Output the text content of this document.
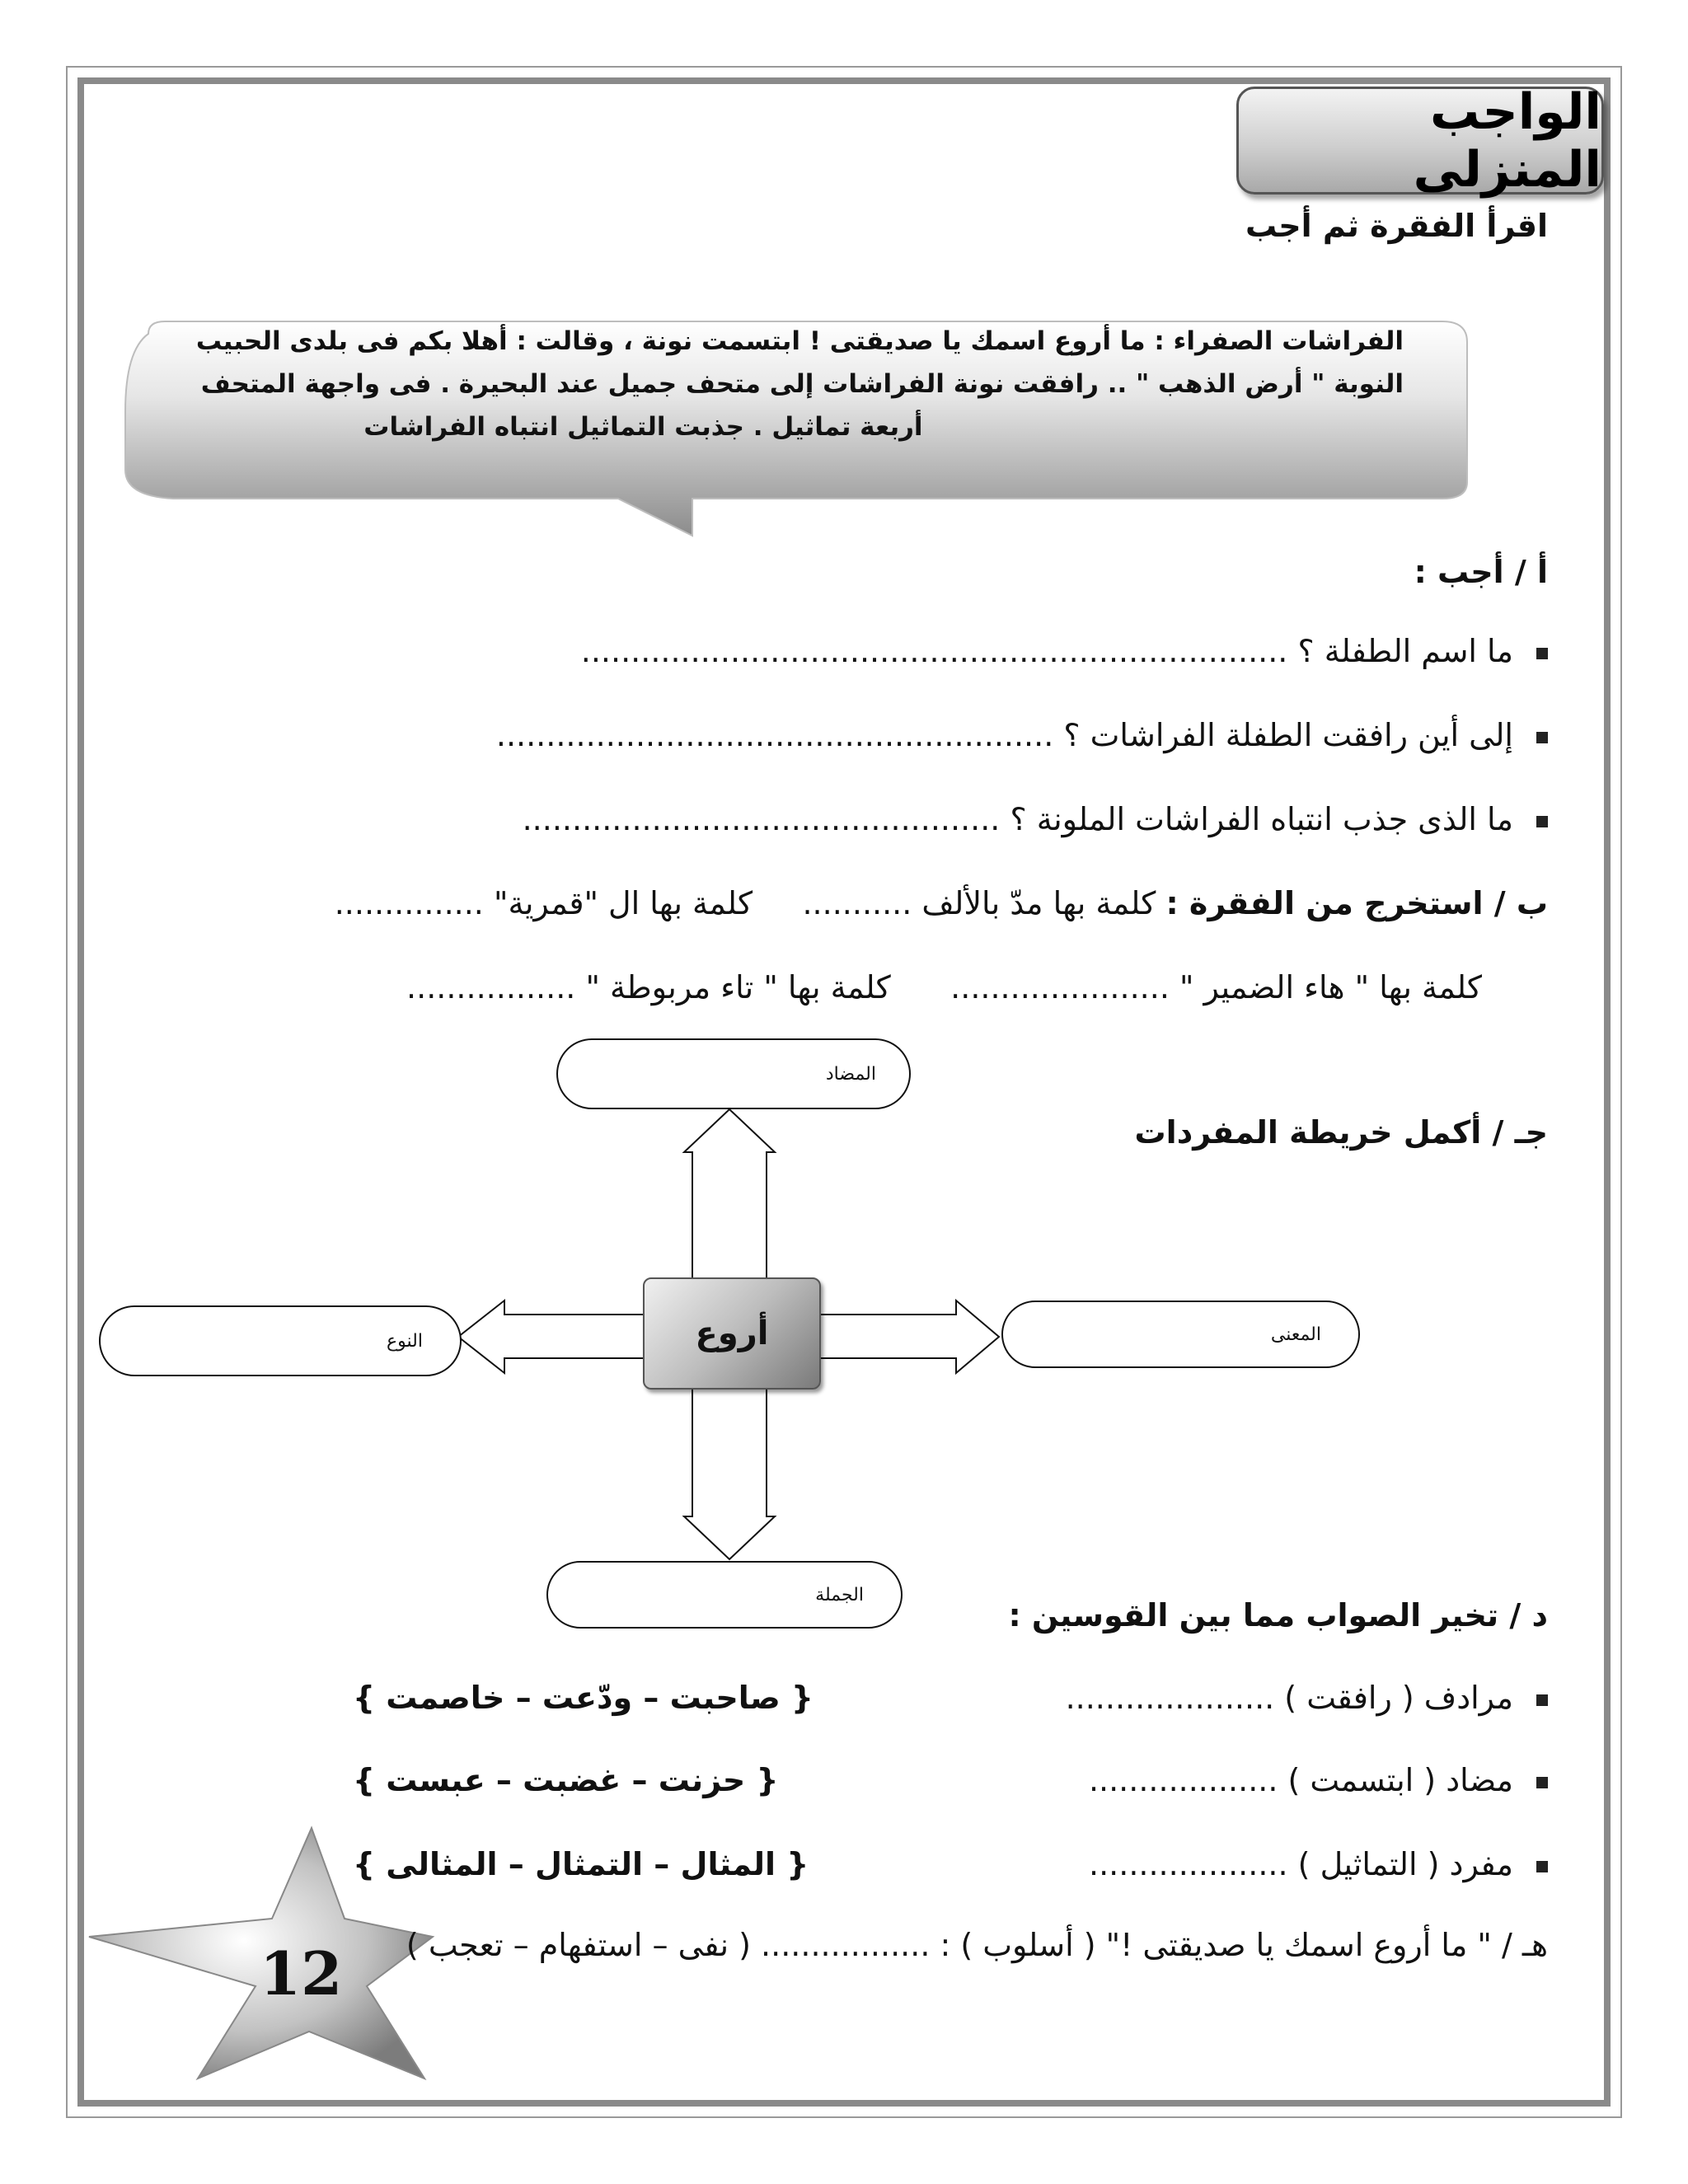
الواجب المنزلى
اقرأ الفقرة ثم أجب
الفراشات الصفراء : ما أروع اسمك يا صديقتى ! ابتسمت نونة ، وقالت : أهلا بكم فى بلدى الحبيب
النوبة " أرض الذهب " .. رافقت نونة الفراشات إلى متحف جميل عند البحيرة . فى واجهة المتحف
أربعة تماثيل . جذبت التماثيل انتباه الفراشات
أ / أجب :
ما اسم الطفلة ؟ .......................................................................
إلى أين رافقت الطفلة الفراشات ؟ ........................................................
ما الذى جذب انتباه الفراشات الملونة ؟ ................................................
ب / استخرج من الفقرة : كلمة بها مدّ بالألف ...........     كلمة بها ال "قمرية" ...............
كلمة بها " هاء الضمير " ......................      كلمة بها " تاء مربوطة " .................
جـ / أكمل خريطة المفردات
المضاد
المعنى
النوع
الجملة
أروع
د / تخير الصواب مما بين القوسين :
مرادف ( رافقت ) .....................
{ صاحبت – ودّعت – خاصمت }
مضاد ( ابتسمت ) ...................
{ حزنت – غضبت – عبست }
مفرد ( التماثيل ) ....................
{ المثال – التمثال – المثالى }
هـ / " ما أروع اسمك يا صديقتى !" ( أسلوب ) : ................. ( نفى – استفهام – تعجب )
12
